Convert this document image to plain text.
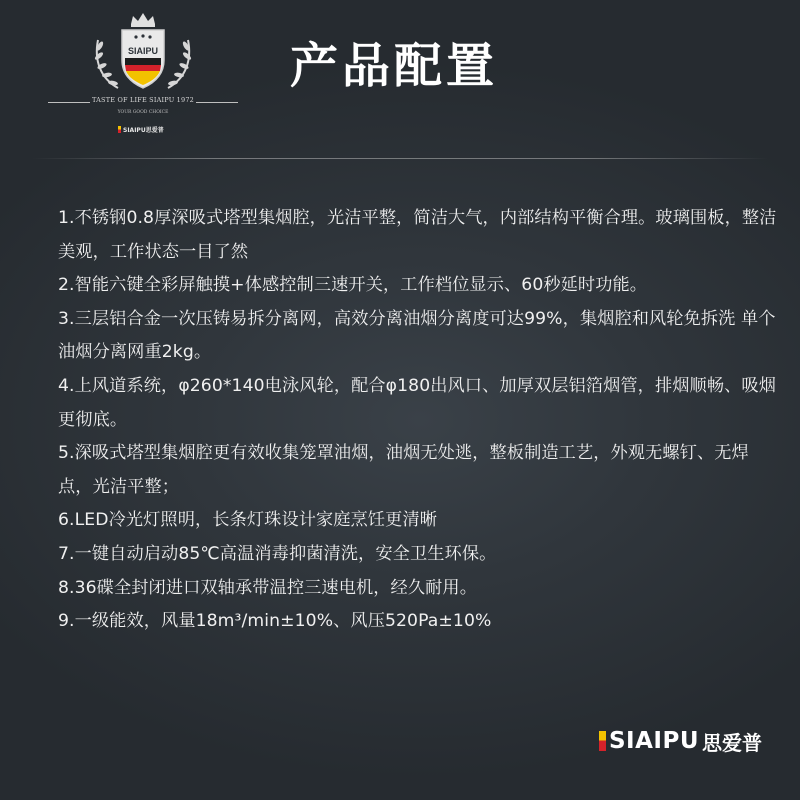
SIAIPU
TASTE OF LIFE SIAIPU 1972
YOUR GOOD CHOICE
SIAIPU思爱普
产品配置
1.不锈钢0.8厚深吸式塔型集烟腔，光洁平整，简洁大气，内部结构平衡合理。玻璃围板，整洁美观，工作状态一目了然
2.智能六键全彩屏触摸+体感控制三速开关，工作档位显示、60秒延时功能。
3.三层铝合金一次压铸易拆分离网，高效分离油烟分离度可达99%，集烟腔和风轮免拆洗 单个油烟分离网重2kg。
4.上风道系统，φ260*140电泳风轮，配合φ180出风口、加厚双层铝箔烟管，排烟顺畅、吸烟更彻底。
5.深吸式塔型集烟腔更有效收集笼罩油烟，油烟无处逃，整板制造工艺，外观无螺钉、无焊点，光洁平整；
6.LED冷光灯照明，长条灯珠设计家庭烹饪更清晰
7.一键自动启动85℃高温消毒抑菌清洗，安全卫生环保。
8.36碟全封闭进口双轴承带温控三速电机，经久耐用。
9.一级能效，风量18m³/min±10%、风压520Pa±10%
SIAIPU 思爱普
